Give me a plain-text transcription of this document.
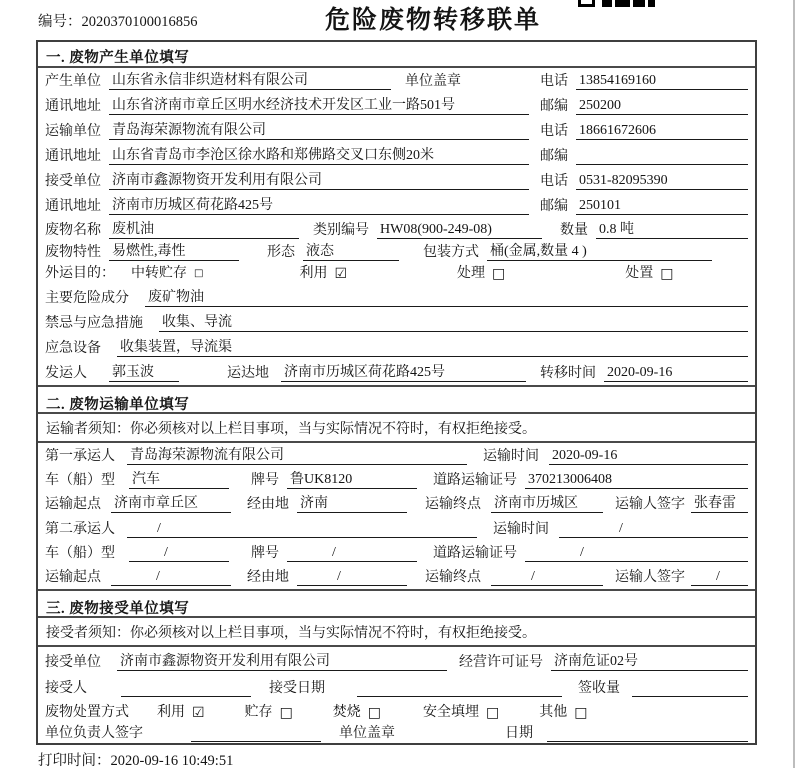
编号：2020370100016856	危险废物转移联单
一. 废物产生单位填写
产生单位 山东省永信非织造材料有限公司	单位盖章	电话 13854169160
通讯地址 山东省济南市章丘区明水经济技术开发区工业一路501号	邮编 250200
运输单位 青岛海荣源物流有限公司	电话 18661672606
通讯地址 山东省青岛市李沧区徐水路和郑佛路交叉口东侧20米	邮编
接受单位 济南市鑫源物资开发利用有限公司	电话 0531-82095390
通讯地址 济南市历城区荷花路425号	邮编 250101
废物名称 废机油	类别编号 HW08(900-249-08)	数量 0.8 吨
废物特性 易燃性,毒性	形态 液态	包装方式 桶(金属,数量 4 )
外运目的： 中转贮存 □	利用 ☑	处理 □	处置 □
主要危险成分 废矿物油
禁忌与应急措施 收集、导流
应急设备 收集装置，导流渠
发运人 郭玉波	运达地 济南市历城区荷花路425号	转移时间 2020-09-16
二. 废物运输单位填写
运输者须知：你必须核对以上栏目事项，当与实际情况不符时，有权拒绝接受。
第一承运人 青岛海荣源物流有限公司	运输时间 2020-09-16
车（船）型 汽车	牌号 鲁UK8120	道路运输证号 370213006408
运输起点 济南市章丘区	经由地 济南	运输终点 济南市历城区	运输人签字 张春雷
第二承运人	/	运输时间	/
车（船）型	/	牌号	/	道路运输证号	/
运输起点	/	经由地	/	运输终点	/	运输人签字	/
三. 废物接受单位填写
接受者须知：你必须核对以上栏目事项，当与实际情况不符时，有权拒绝接受。
接受单位 济南市鑫源物资开发利用有限公司	经营许可证号 济南危证02号
接受人	接受日期	签收量
废物处置方式 利用 ☑	贮存 □	焚烧 □	安全填埋 □	其他 □
单位负责人签字	单位盖章	日期
打印时间：2020-09-16 10:49:51
